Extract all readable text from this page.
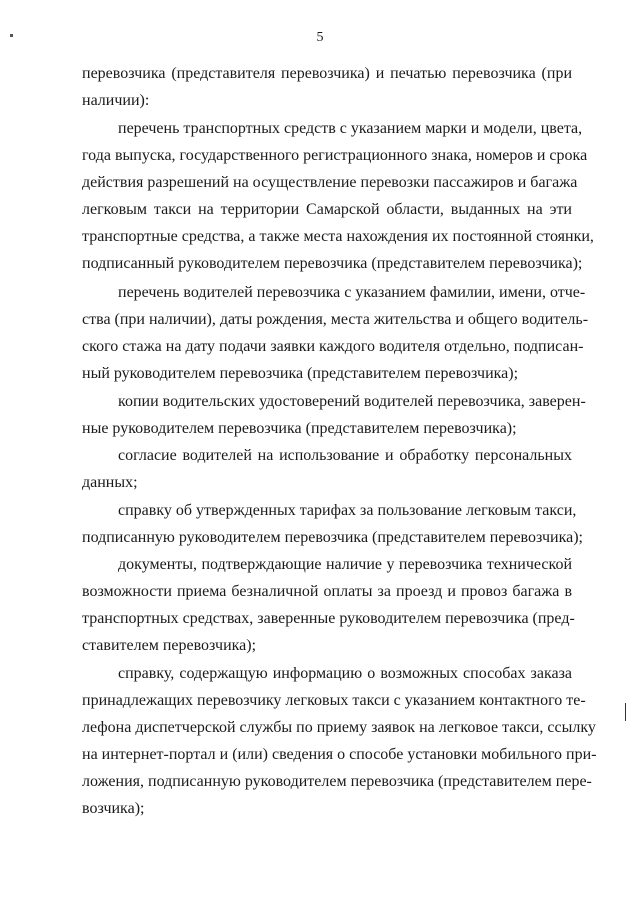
5
перевозчика (представителя перевозчика) и печатью перевозчика (при
наличии):
перечень транспортных средств с указанием марки и модели, цвета,
года выпуска, государственного регистрационного знака, номеров и срока
действия разрешений на осуществление перевозки пассажиров и багажа
легковым такси на территории Самарской области, выданных на эти
транспортные средства, а также места нахождения их постоянной стоянки,
подписанный руководителем перевозчика (представителем перевозчика);
перечень водителей перевозчика с указанием фамилии, имени, отче-
ства (при наличии), даты рождения, места жительства и общего водитель-
ского стажа на дату подачи заявки каждого водителя отдельно, подписан-
ный руководителем перевозчика (представителем перевозчика);
копии водительских удостоверений водителей перевозчика, заверен-
ные руководителем перевозчика (представителем перевозчика);
согласие водителей на использование и обработку персональных
данных;
справку об утвержденных тарифах за пользование легковым такси,
подписанную руководителем перевозчика (представителем перевозчика);
документы, подтверждающие наличие у перевозчика технической
возможности приема безналичной оплаты за проезд и провоз багажа в
транспортных средствах, заверенные руководителем перевозчика (пред-
ставителем перевозчика);
справку, содержащую информацию о возможных способах заказа
принадлежащих перевозчику легковых такси с указанием контактного те-
лефона диспетчерской службы по приему заявок на легковое такси, ссылку
на интернет-портал и (или) сведения о способе установки мобильного при-
ложения, подписанную руководителем перевозчика (представителем пере-
возчика);
